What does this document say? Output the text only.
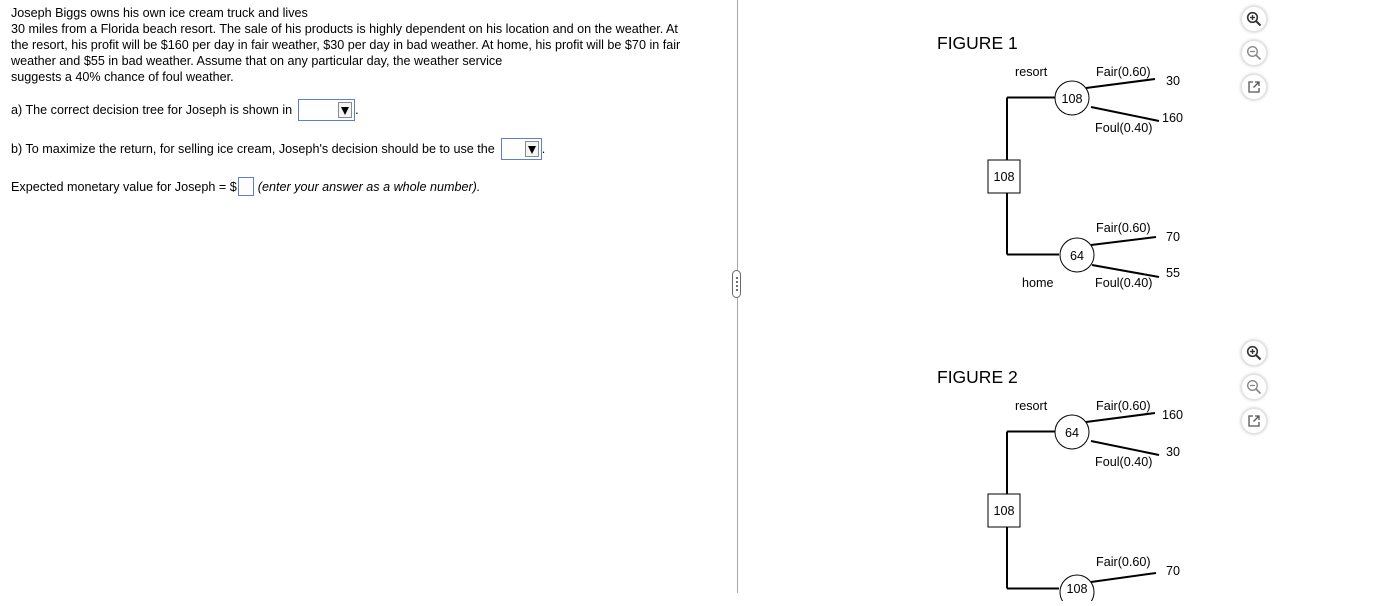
Joseph Biggs owns his own ice cream truck and lives
30 miles from a Florida beach resort. The sale of his products is highly dependent on his location and on the weather. At
the resort, his profit will be $160 per day in fair weather, $30 per day in bad weather. At home, his profit will be $70 in fair
weather and $55 in bad weather. Assume that on any particular day, the weather service
suggests a 40% chance of foul weather.
a) The correct decision tree for Joseph is shown in	.
b) To maximize the return, for selling ice cream, Joseph's decision should be to use the	.
Expected monetary value for Joseph = $ (enter your answer as a whole number).
FIGURE 1
resort
home
108
108
Fair(0.60)
Foul(0.40)
30
160
64
Fair(0.60)
Foul(0.40)
70
55
FIGURE 2
resort
108
64
Fair(0.60)
Foul(0.40)
160
30
108
Fair(0.60)
70
